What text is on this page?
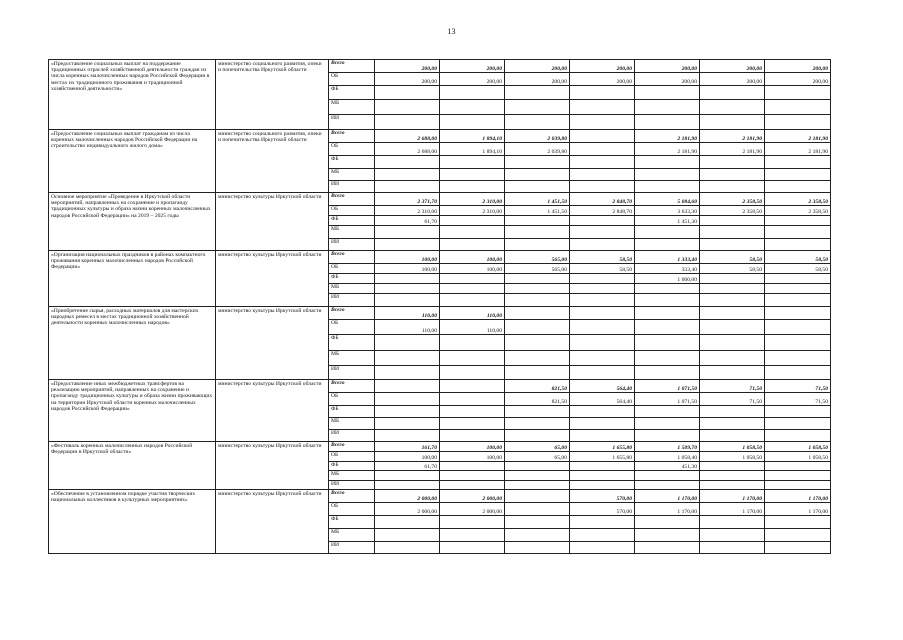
13
«Предоставление социальных выплат на поддержание традиционных отраслей хозяйственной деятельности граждан из числа коренных малочисленных народов Российской Федерации в местах их традиционного проживания и традиционной хозяйственной деятельности»	министерство социального развития, опеки и попечительства Иркутской области	Всего	200,00	200,00	200,00	200,00	200,00	200,00	200,00
		ОБ	200,00	200,00	200,00	200,00	200,00	200,00	200,00
		ФБ							
		МБ							
		ИИ							
«Предоставление социальных выплат гражданам из числа коренных малочисленных народов Российской Федерации на строительство индивидуального жилого дома»	министерство социального развития, опеки и попечительства Иркутской области	Всего	2 688,00	1 894,10	2 039,80		2 181,90	2 181,90	2 181,90
		ОБ	2 688,00	1 894,10	2 039,80		2 181,90	2 181,90	2 181,90
		ФБ							
		МБ							
		ИИ							
Основное мероприятие «Проведение в Иркутской области мероприятий, направленных на сохранение и пропаганду традиционных культуры и образа жизни коренных малочисленных народов Российской Федерации» на 2019 – 2025 годы	министерство культуры Иркутской области	Всего	2 371,70	2 310,00	1 451,50	2 848,70	5 084,60	2 358,50	2 358,50
		ОБ	2 310,00	2 310,00	1 451,50	2 848,70	3 633,30	2 358,50	2 358,50
		ФБ	61,70				1 451,30		
		МБ							
		ИИ							
«Организация национальных праздников в районах компактного проживания коренных малочисленных народов Российской Федерации»	министерство культуры Иркутской области	Всего	100,00	100,00	565,00	58,50	1 333,40	58,50	58,50
		ОБ	100,00	100,00	565,00	58,50	333,40	58,50	58,50
		ФБ					1 000,00		
		МБ							
		ИИ							
«Приобретение сырья, расходных материалов для мастерских народных ремесел в местах традиционной хозяйственной деятельности коренных малочисленных народов»	министерство культуры Иркутской области	Всего	110,00	110,00					
		ОБ	110,00	110,00					
		ФБ							
		МБ							
		ИИ							
«Предоставление иных межбюджетных трансфертов на реализацию мероприятий, направленных на сохранение и пропаганду традиционных культуры и образа жизни проживающих на территории Иркутской области коренных малочисленных народов Российской Федерации»	министерство культуры Иркутской области	Всего			821,50	564,40	1 071,50	71,50	71,50
		ОБ			821,50	564,40	1 071,50	71,50	71,50
		ФБ							
		МБ							
		ИИ							
«Фестиваль коренных малочисленных народов Российской Федерации в Иркутской области»	министерство культуры Иркутской области	Всего	161,70	100,00	65,00	1 655,80	1 509,70	1 058,50	1 058,50
		ОБ	100,00	100,00	65,00	1 655,80	1 058,40	1 058,50	1 058,50
		ФБ	61,70				451,30		
		МБ							
		ИИ							
«Обеспечение в установленном порядке участия творческих национальных коллективов в культурных мероприятиях»	министерство культуры Иркутской области	Всего	2 000,00	2 000,00		570,00	1 170,00	1 170,00	1 170,00
		ОБ	2 000,00	2 000,00		570,00	1 170,00	1 170,00	1 170,00
		ФБ							
		МБ							
		ИИ							
